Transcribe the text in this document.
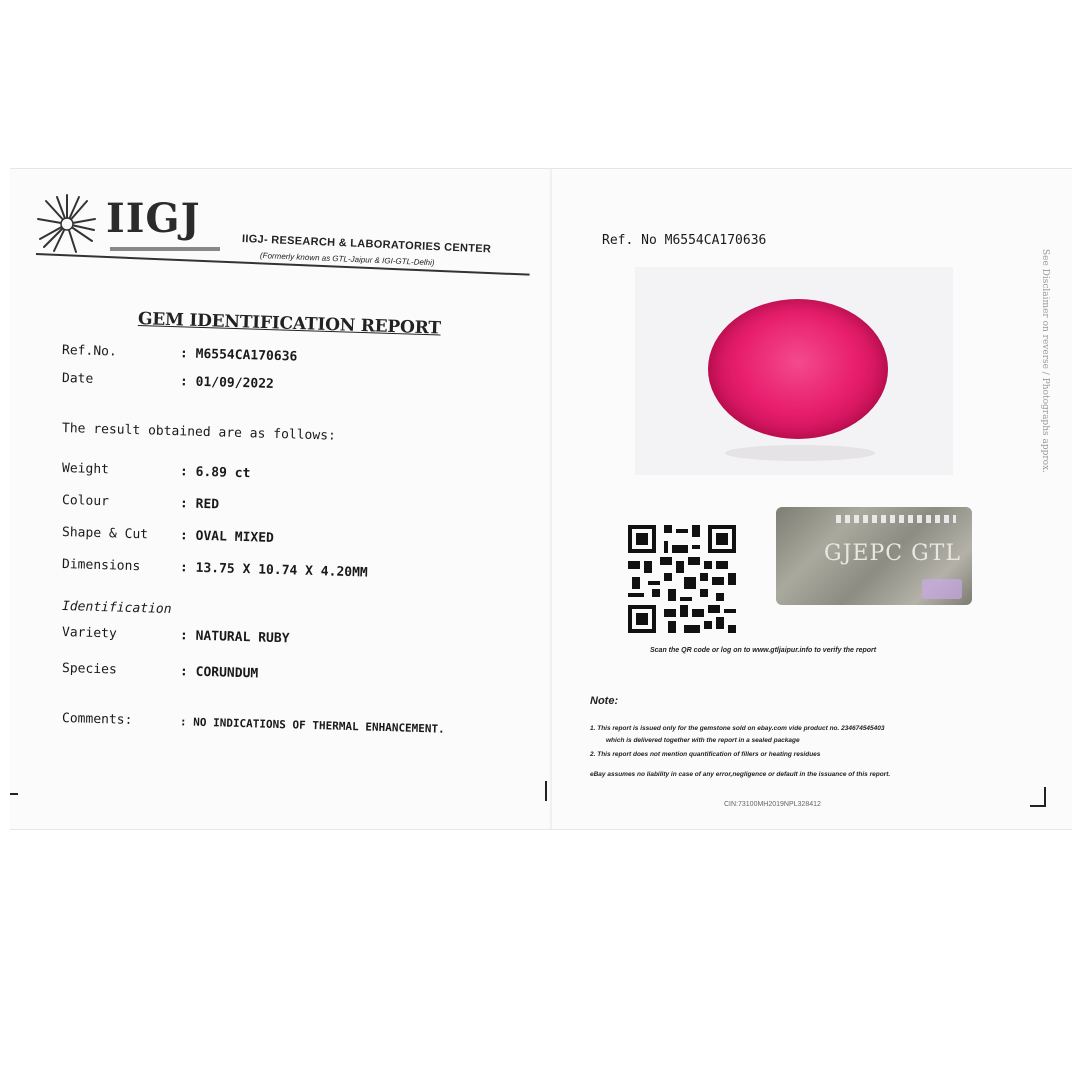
IIGJ
IIGJ- RESEARCH & LABORATORIES CENTER
(Formerly known as GTL-Jaipur & IGI-GTL-Delhi)
GEM IDENTIFICATION REPORT
Ref.No.	: M6554CA170636
Date	: 01/09/2022
The result obtained are as follows:
Weight	: 6.89 ct
Colour	: RED
Shape & Cut : OVAL MIXED
Dimensions	: 13.75 X 10.74 X 4.20MM
Identification
Variety	: NATURAL RUBY
Species	: CORUNDUM
Comments:	: NO INDICATIONS OF THERMAL ENHANCEMENT.
Ref. No M6554CA170636
GJEPC GTL
Scan the QR code or log on to www.gtljaipur.info to verify the report
Note:
1. This report is issued only for the gemstone sold on ebay.com vide product no. 234674545403
which is delivered together with the report in a sealed package
2. This report does not mention quantification of fillers or heating residues
eBay assumes no liability in case of any error,negligence or default in the issuance of this report.
CIN:73100MH2019NPL328412
See Disclaimer on reverse / Photographs approx.
